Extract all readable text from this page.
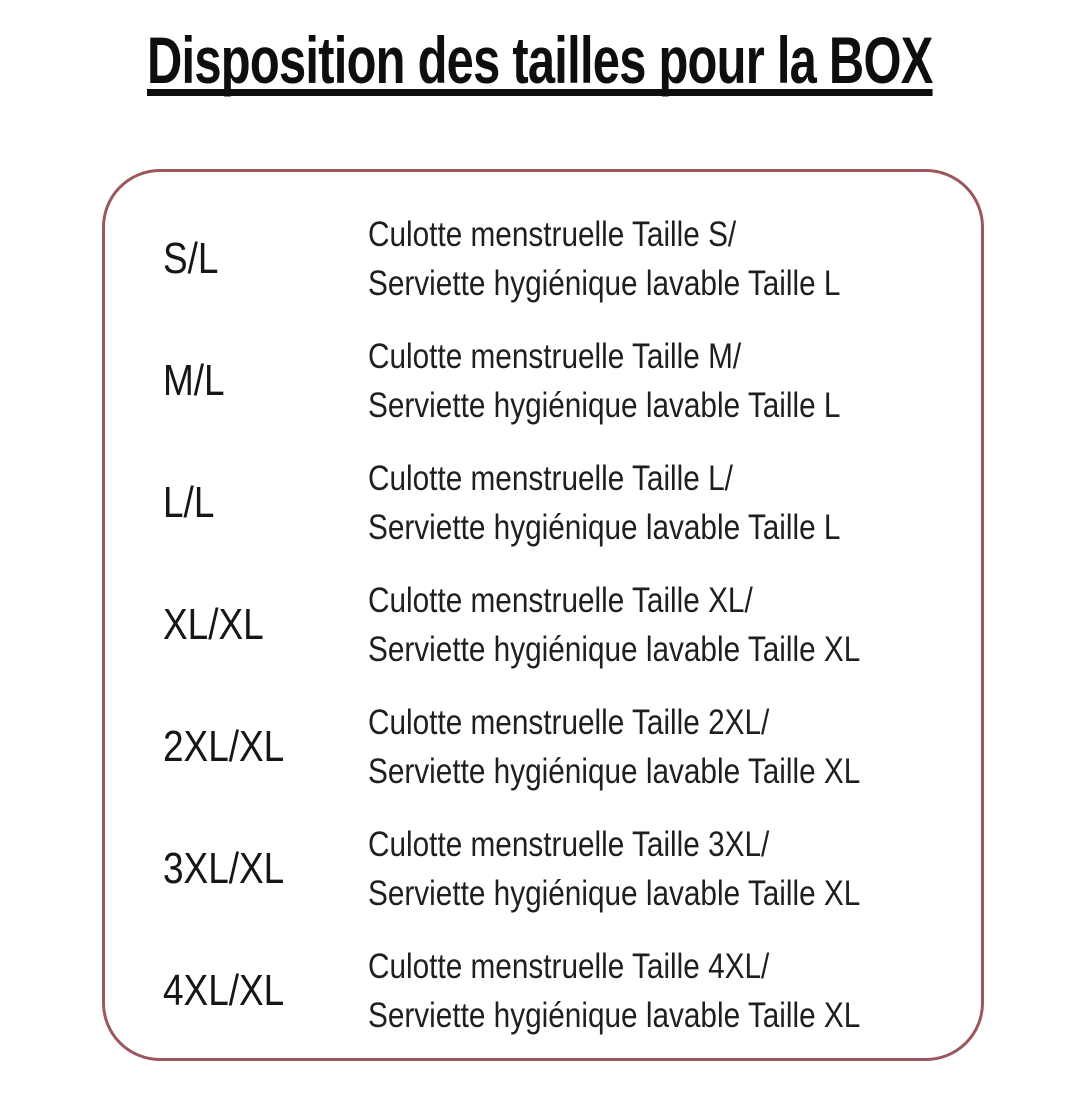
Disposition des tailles pour la BOX
S/L	Culotte menstruelle Taille S/
Serviette hygiénique lavable Taille L
M/L	Culotte menstruelle Taille M/
Serviette hygiénique lavable Taille L
L/L	Culotte menstruelle Taille L/
Serviette hygiénique lavable Taille L
XL/XL	Culotte menstruelle Taille XL/
Serviette hygiénique lavable Taille XL
2XL/XL	Culotte menstruelle Taille 2XL/
Serviette hygiénique lavable Taille XL
3XL/XL	Culotte menstruelle Taille 3XL/
Serviette hygiénique lavable Taille XL
4XL/XL	Culotte menstruelle Taille 4XL/
Serviette hygiénique lavable Taille XL
